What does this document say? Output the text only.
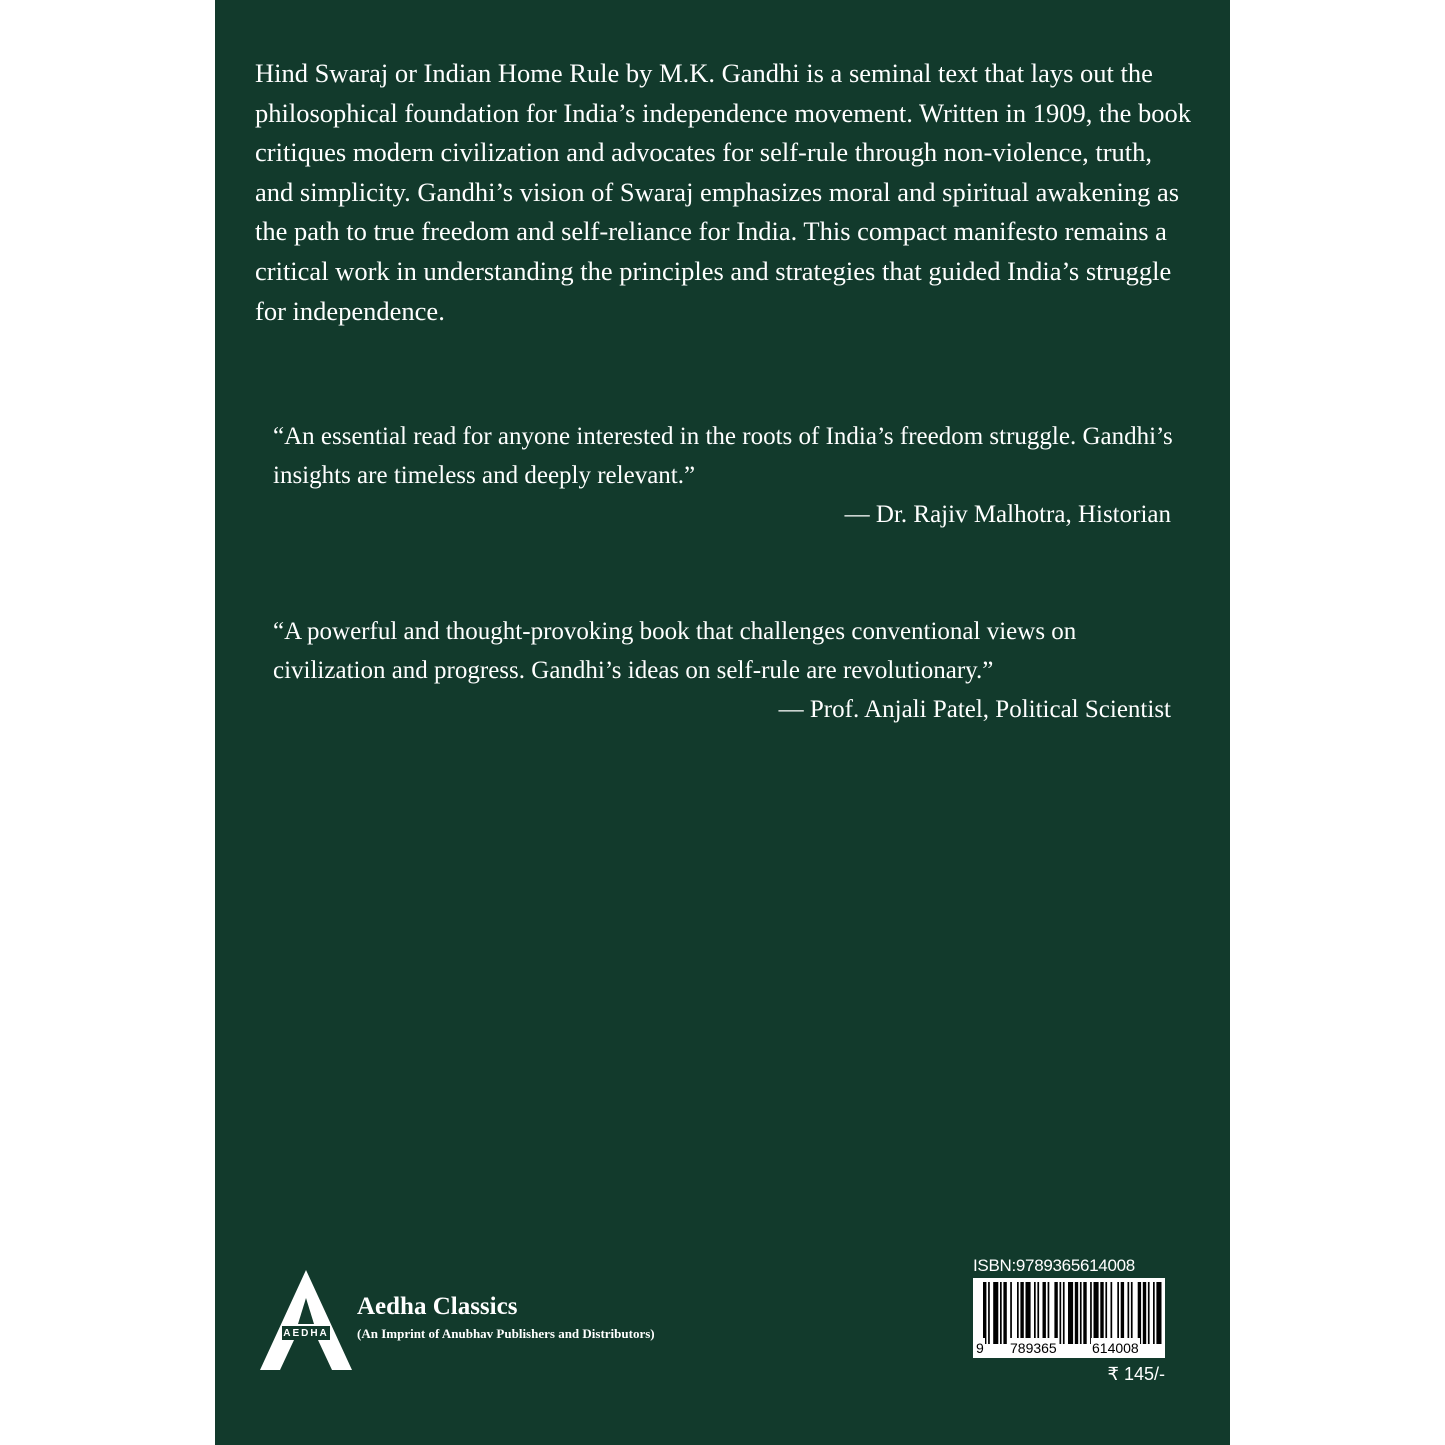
Hind Swaraj or Indian Home Rule by M.K. Gandhi is a seminal text that lays out the philosophical foundation for India’s independence movement. Written in 1909, the book critiques modern civilization and advocates for self-rule through non-violence, truth, and simplicity. Gandhi’s vision of Swaraj emphasizes moral and spiritual awakening as the path to true freedom and self-reliance for India. This compact manifesto remains a critical work in understanding the principles and strategies that guided India’s struggle for independence.

“An essential read for anyone interested in the roots of India’s freedom struggle. Gandhi’s insights are timeless and deeply relevant.”

— Dr. Rajiv Malhotra, Historian

“A powerful and thought-provoking book that challenges conventional views on civilization and progress. Gandhi’s ideas on self-rule are revolutionary.”

— Prof. Anjali Patel, Political Scientist

AEDHA
Aedha Classics
(An Imprint of Anubhav Publishers and Distributors)
ISBN:9789365614008
9 789365	614008
₹ 145/-
